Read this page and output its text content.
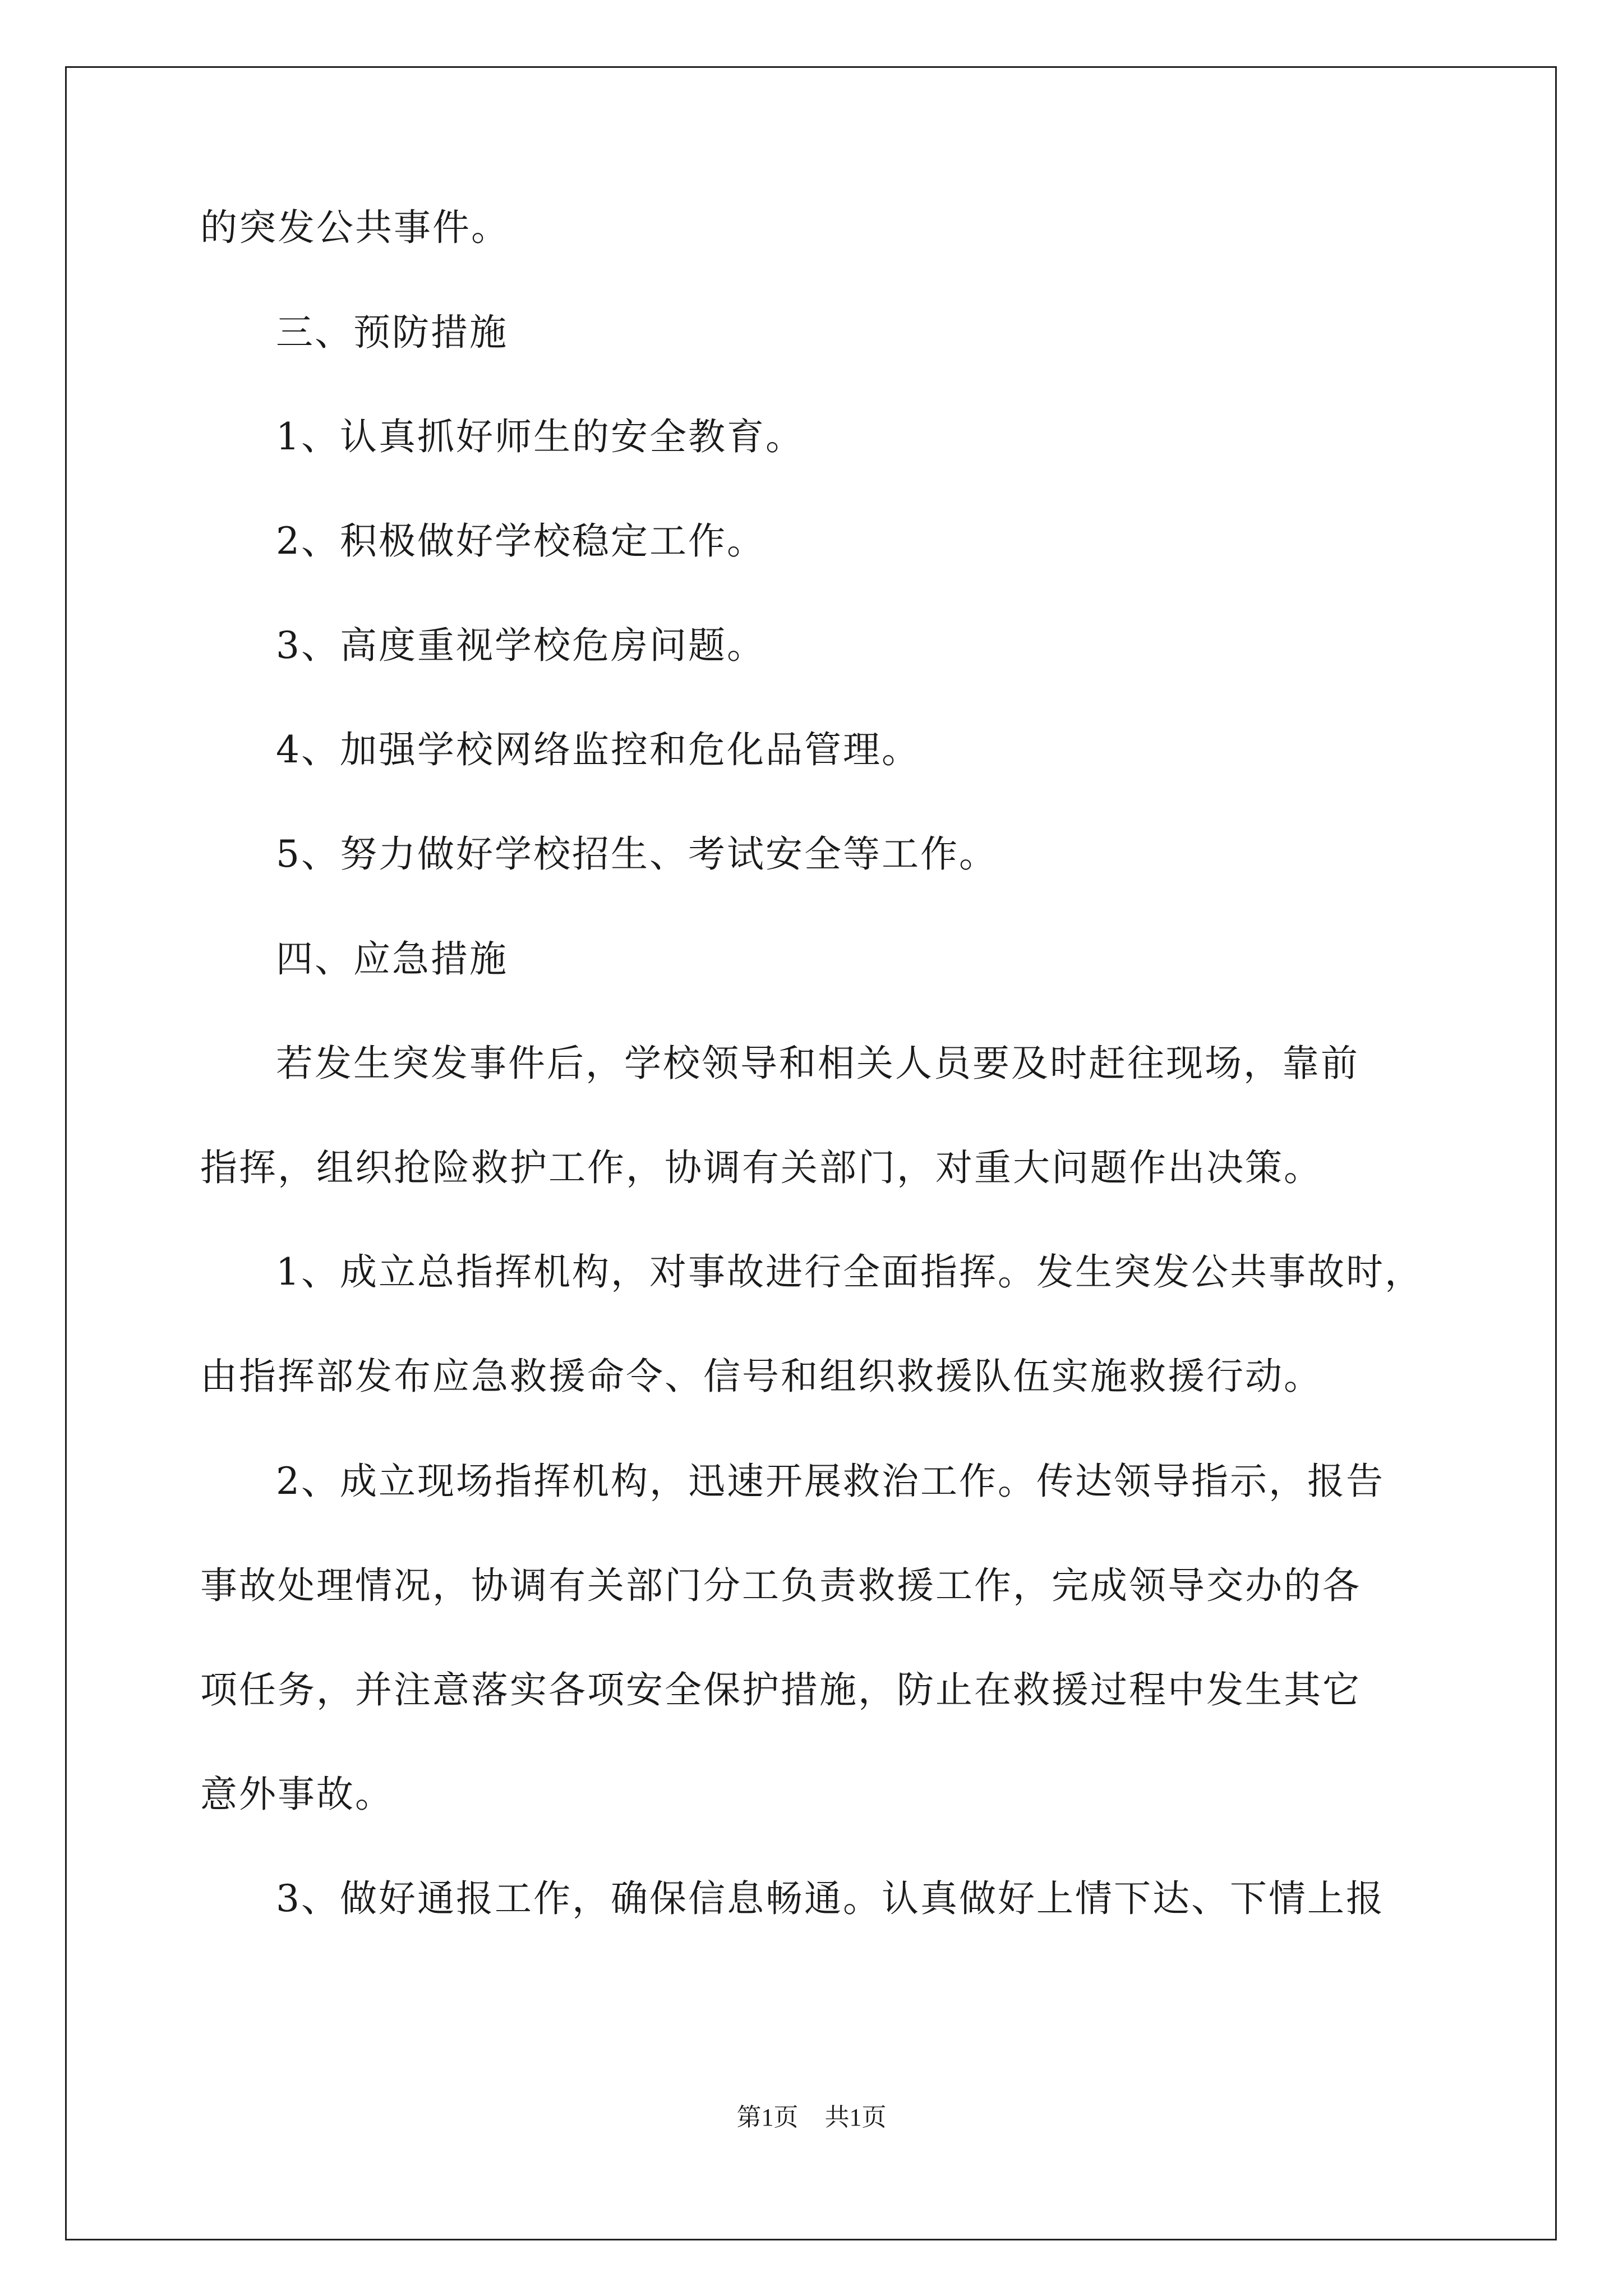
的突发公共事件。
三、预防措施
1、认真抓好师生的安全教育。
2、积极做好学校稳定工作。
3、高度重视学校危房问题。
4、加强学校网络监控和危化品管理。
5、努力做好学校招生、考试安全等工作。
四、应急措施
若发生突发事件后，学校领导和相关人员要及时赶往现场，靠前
指挥，组织抢险救护工作，协调有关部门，对重大问题作出决策。
1、成立总指挥机构，对事故进行全面指挥。发生突发公共事故时，
由指挥部发布应急救援命令、信号和组织救援队伍实施救援行动。
2、成立现场指挥机构，迅速开展救治工作。传达领导指示，报告
事故处理情况，协调有关部门分工负责救援工作，完成领导交办的各
项任务，并注意落实各项安全保护措施，防止在救援过程中发生其它
意外事故。
3、做好通报工作，确保信息畅通。认真做好上情下达、下情上报
第1页 共1页
